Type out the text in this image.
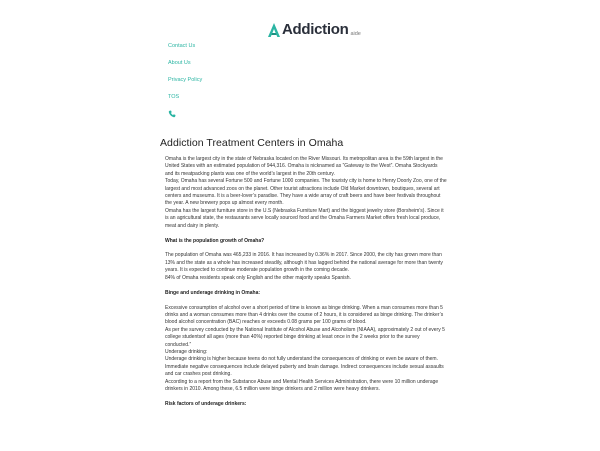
Addiction aide
Contact Us
About Us
Privacy Policy
TOS
Addiction Treatment Centers in Omaha

Omaha is the largest city in the state of Nebraska located on the River Missouri. Its metropolitan area is the 59th largest in the United States with an estimated population of 944,316. Omaha is nicknamed as “Gateway to the West”. Omaha Stockyards and its meatpacking plants was one of the world’s largest in the 20th century.
Today, Omaha has several Fortune 500 and Fortune 1000 companies. The touristy city is home to Henry Doorly Zoo, one of the largest and most advanced zoos on the planet. Other tourist attractions include Old Market downtown, boutiques, several art centers and museums. It is a beer-lover’s paradise. They have a wide array of craft beers and have beer festivals throughout the year. A new brewery pops up almost every month.
Omaha has the largest furniture store in the U.S (Nebraska Furniture Mart) and the biggest jewelry store (Borsheim’s). Since it is an agricultural state, the restaurants serve locally sourced food and the Omaha Farmers Market offers fresh local produce, meat and dairy in plenty.

What is the population growth of Omaha?

The population of Omaha was 465,233 in 2016. It has increased by 0.36% in 2017. Since 2000, the city has grown more than 13% and the state as a whole has increased steadily, although it has lagged behind the national average for more than twenty years. It is expected to continue moderate population growth in the coming decade.
84% of Omaha residents speak only English and the other majority speaks Spanish.

Binge and underage drinking in Omaha:

Excessive consumption of alcohol over a short period of time is known as binge drinking. When a man consumes more than 5 drinks and a woman consumes more than 4 drinks over the course of 2 hours, it is considered as binge drinking. The drinker’s blood alcohol concentration (BAC) reaches or exceeds 0.08 grams per 100 grams of blood.
As per the survey conducted by the National Institute of Alcohol Abuse and Alcoholism (NIAAA), approximately 2 out of every 5 college studentsof all ages (more than 40%) reported binge drinking at least once in the 2 weeks prior to the survey conducted.”
Underage drinking:
Underage drinking is higher because teens do not fully understand the consequences of drinking or even be aware of them. Immediate negative consequences include delayed puberty and brain damage. Indirect consequences include sexual assaults and car crashes post drinking.
According to a report from the Substance Abuse and Mental Health Services Administration, there were 10 million underage drinkers in 2010. Among these, 6.5 million were binge drinkers and 2 million were heavy drinkers.

Risk factors of underage drinkers:
